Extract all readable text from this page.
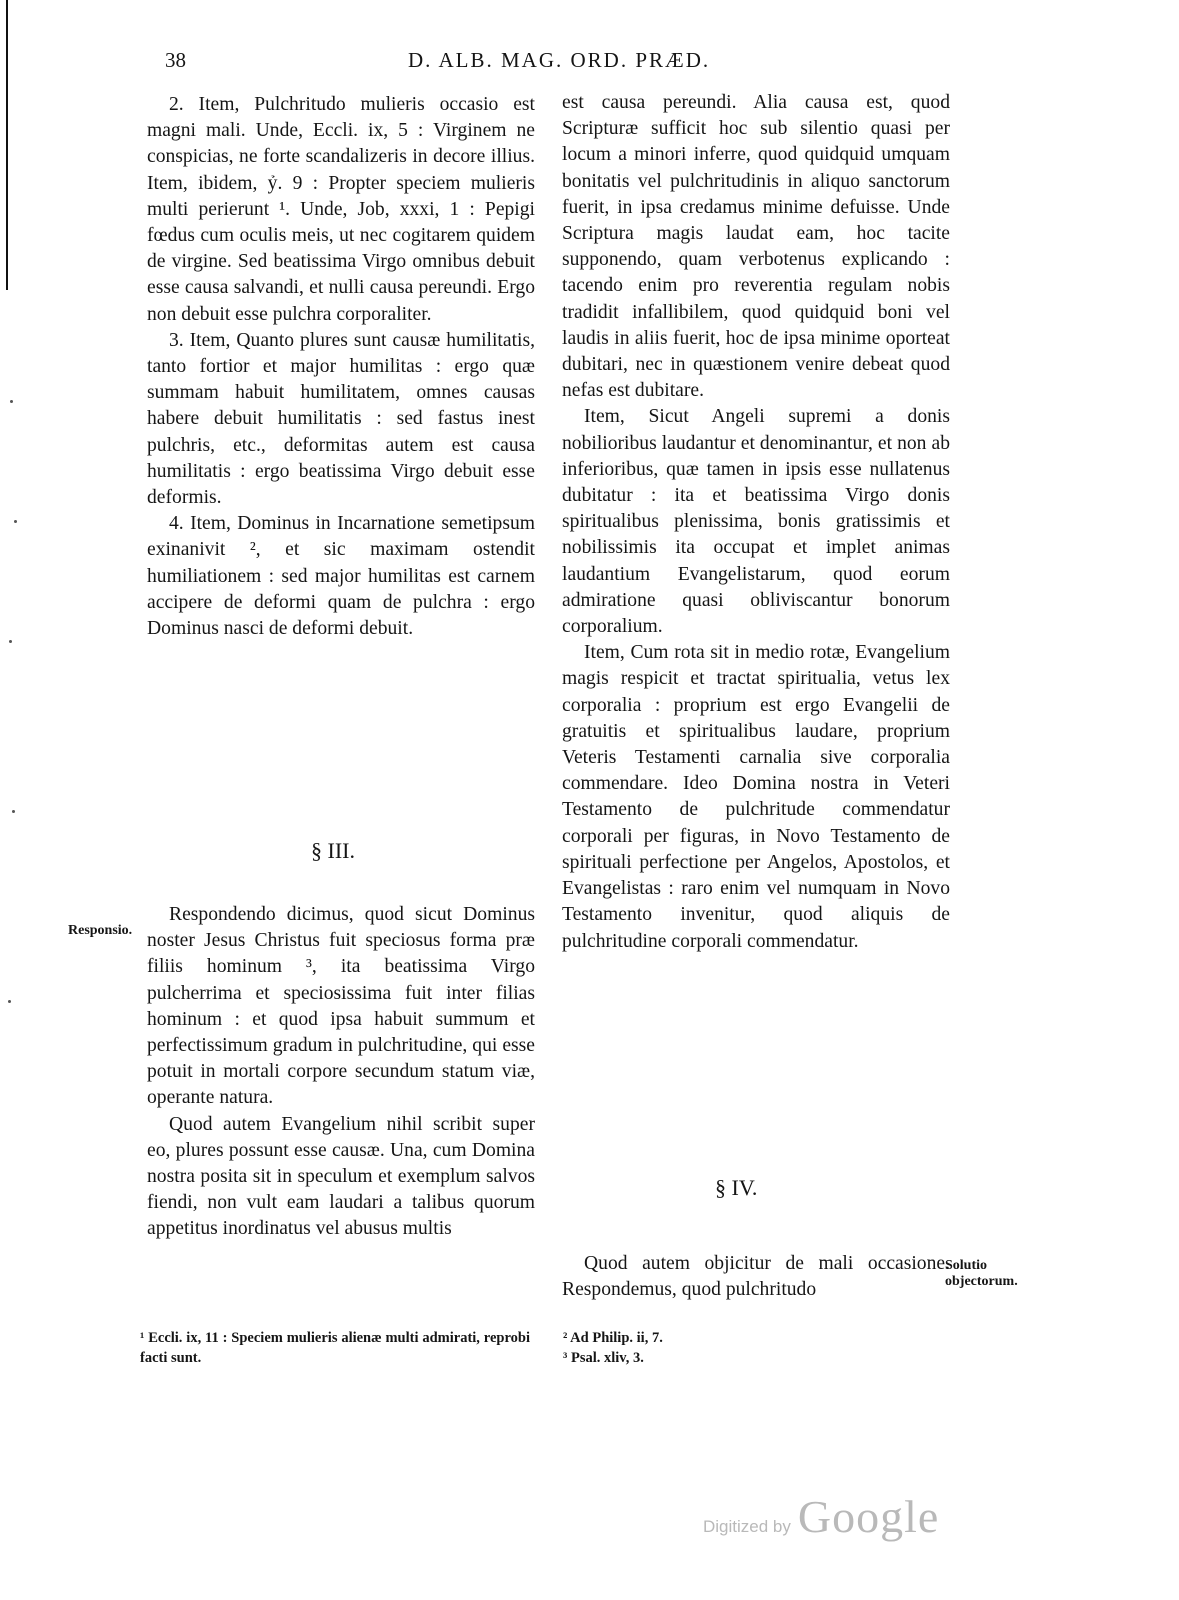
38	D. ALB. MAG. ORD. PRÆD.

2. Item, Pulchritudo mulieris occasio est magni mali. Unde, Eccli. ix, 5 : Virginem ne conspicias, ne forte scandalizeris in decore illius. Item, ibidem, ỷ. 9 : Propter speciem mulieris multi perierunt ¹. Unde, Job, xxxi, 1 : Pepigi fœdus cum oculis meis, ut nec cogitarem quidem de virgine. Sed beatissima Virgo omnibus debuit esse causa salvandi, et nulli causa pereundi. Ergo non debuit esse pulchra corporaliter.

3. Item, Quanto plures sunt causæ humilitatis, tanto fortior et major humilitas : ergo quæ summam habuit humilitatem, omnes causas habere debuit humilitatis : sed fastus inest pulchris, etc., deformitas autem est causa humilitatis : ergo beatissima Virgo debuit esse deformis.

4. Item, Dominus in Incarnatione semetipsum exinanivit ², et sic maximam ostendit humiliationem : sed major humilitas est carnem accipere de deformi quam de pulchra : ergo Dominus nasci de deformi debuit.

§ III.
Responsio.

Respondendo dicimus, quod sicut Dominus noster Jesus Christus fuit speciosus forma præ filiis hominum ³, ita beatissima Virgo pulcherrima et speciosissima fuit inter filias hominum : et quod ipsa habuit summum et perfectissimum gradum in pulchritudine, qui esse potuit in mortali corpore secundum statum viæ, operante natura.

Quod autem Evangelium nihil scribit super eo, plures possunt esse causæ. Una, cum Domina nostra posita sit in speculum et exemplum salvos fiendi, non vult eam laudari a talibus quorum appetitus inordinatus vel abusus multis

est causa pereundi. Alia causa est, quod Scripturæ sufficit hoc sub silentio quasi per locum a minori inferre, quod quidquid umquam bonitatis vel pulchritudinis in aliquo sanctorum fuerit, in ipsa credamus minime defuisse. Unde Scriptura magis laudat eam, hoc tacite supponendo, quam verbotenus explicando : tacendo enim pro reverentia regulam nobis tradidit infallibilem, quod quidquid boni vel laudis in aliis fuerit, hoc de ipsa minime oporteat dubitari, nec in quæstionem venire debeat quod nefas est dubitare.

Item, Sicut Angeli supremi a donis nobilioribus laudantur et denominantur, et non ab inferioribus, quæ tamen in ipsis esse nullatenus dubitatur : ita et beatissima Virgo donis spiritualibus plenissima, bonis gratissimis et nobilissimis ita occupat et implet animas laudantium Evangelistarum, quod eorum admiratione quasi obliviscantur bonorum corporalium.

Item, Cum rota sit in medio rotæ, Evangelium magis respicit et tractat spiritualia, vetus lex corporalia : proprium est ergo Evangelii de gratuitis et spiritualibus laudare, proprium Veteris Testamenti carnalia sive corporalia commendare. Ideo Domina nostra in Veteri Testamento de pulchritude commendatur corporali per figuras, in Novo Testamento de spirituali perfectione per Angelos, Apostolos, et Evangelistas : raro enim vel numquam in Novo Testamento invenitur, quod aliquis de pulchritudine corporali commendatur.

§ IV.

Quod autem objicitur de mali occasione. Respondemus, quod pulchritudo

Solutio objectorum.
¹ Eccli. ix, 11 : Speciem mulieris alienæ multi admirati, reprobi facti sunt.
² Ad Philip. ii, 7.
³ Psal. xliv, 3.
Digitized by Google
